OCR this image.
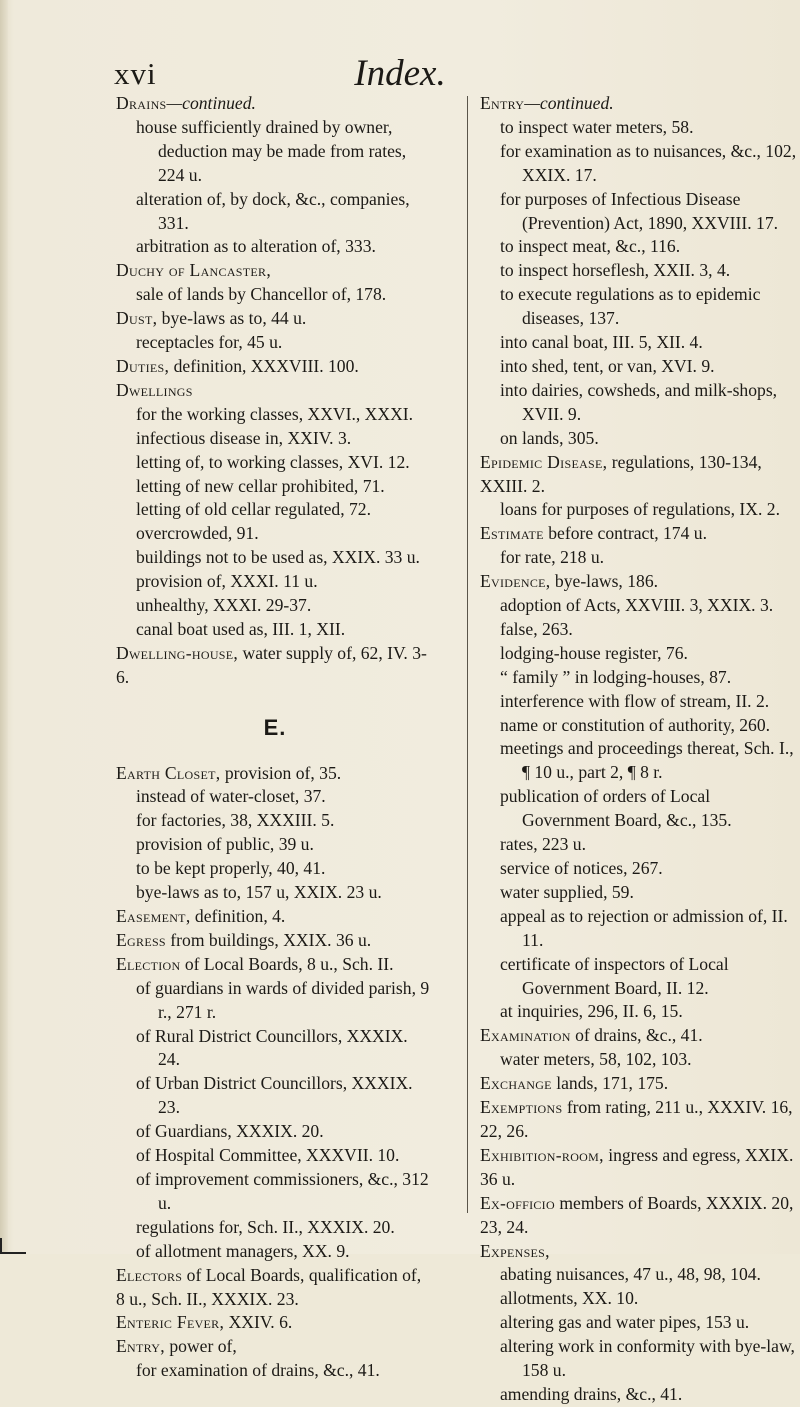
xvi	Index.
Drains—continued.
house sufficiently drained by owner, deduction may be made from rates, 224 u.
alteration of, by dock, &c., companies, 331.
arbitration as to alteration of, 333.
Duchy of Lancaster,
sale of lands by Chancellor of, 178.
Dust, bye-laws as to, 44 u.
receptacles for, 45 u.
Duties, definition, XXXVIII. 100.
Dwellings
for the working classes, XXVI., XXXI.
infectious disease in, XXIV. 3.
letting of, to working classes, XVI. 12.
letting of new cellar prohibited, 71.
letting of old cellar regulated, 72.
overcrowded, 91.
buildings not to be used as, XXIX. 33 u.
provision of, XXXI. 11 u.
unhealthy, XXXI. 29-37.
canal boat used as, III. 1, XII.
Dwelling-house, water supply of, 62, IV. 3-6.
E.
Earth Closet, provision of, 35.
instead of water-closet, 37.
for factories, 38, XXXIII. 5.
provision of public, 39 u.
to be kept properly, 40, 41.
bye-laws as to, 157 u, XXIX. 23 u.
Easement, definition, 4.
Egress from buildings, XXIX. 36 u.
Election of Local Boards, 8 u., Sch. II.
of guardians in wards of divided parish, 9 r., 271 r.
of Rural District Councillors, XXXIX. 24.
of Urban District Councillors, XXXIX. 23.
of Guardians, XXXIX. 20.
of Hospital Committee, XXXVII. 10.
of improvement commissioners, &c., 312 u.
regulations for, Sch. II., XXXIX. 20.
of allotment managers, XX. 9.
Electors of Local Boards, qualification of, 8 u., Sch. II., XXXIX. 23.
Enteric Fever, XXIV. 6.
Entry, power of,
for examination of drains, &c., 41.
Entry—continued.
to inspect water meters, 58.
for examination as to nuisances, &c., 102, XXIX. 17.
for purposes of Infectious Disease (Prevention) Act, 1890, XXVIII. 17.
to inspect meat, &c., 116.
to inspect horseflesh, XXII. 3, 4.
to execute regulations as to epidemic diseases, 137.
into canal boat, III. 5, XII. 4.
into shed, tent, or van, XVI. 9.
into dairies, cowsheds, and milk-shops, XVII. 9.
on lands, 305.
Epidemic Disease, regulations, 130-134, XXIII. 2.
loans for purposes of regulations, IX. 2.
Estimate before contract, 174 u.
for rate, 218 u.
Evidence, bye-laws, 186.
adoption of Acts, XXVIII. 3, XXIX. 3.
false, 263.
lodging-house register, 76.
“ family ” in lodging-houses, 87.
interference with flow of stream, II. 2.
name or constitution of authority, 260.
meetings and proceedings thereat, Sch. I., ¶ 10 u., part 2, ¶ 8 r.
publication of orders of Local Government Board, &c., 135.
rates, 223 u.
service of notices, 267.
water supplied, 59.
appeal as to rejection or admission of, II. 11.
certificate of inspectors of Local Government Board, II. 12.
at inquiries, 296, II. 6, 15.
Examination of drains, &c., 41.
water meters, 58, 102, 103.
Exchange lands, 171, 175.
Exemptions from rating, 211 u., XXXIV. 16, 22, 26.
Exhibition-room, ingress and egress, XXIX. 36 u.
Ex-officio members of Boards, XXXIX. 20, 23, 24.
Expenses,
abating nuisances, 47 u., 48, 98, 104.
allotments, XX. 10.
altering gas and water pipes, 153 u.
altering work in conformity with bye-law, 158 u.
amending drains, &c., 41.
